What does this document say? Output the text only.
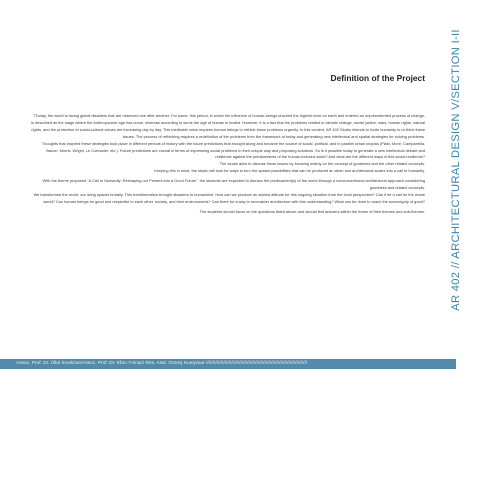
AR 402 // ARCHITECTURAL DESIGN V/SECTION I-II
Definition of the Project

TToday, the world is facing global disasters that are observed one after another. For some, this period, in which the influence of human-beings reached the highest level on earth and entered an unprecedented process of change, is described as the stage where the Anthropocene age has come, whereas according to some the age of human is invalid. However, it is a fact that the problems related to climate change, social justice, wars, human rights, natural rights, and the protection of social-cultural values are increasing day by day. This inevitable crisis requires human beings to rethink these problems urgently. In this context, AR 402 Studio intends to invite humanity to re-think these issues. The process of rethinking requires a redefinition of the problems from the framework of today and generating new intellectual and spatial strategies for solving problems.

Thoughts that inspired these strategies took place in different periods of history with the future predictions that brought along and became the source of social, political, and in parallel urban utopias (Plato, More, Campanella, Bacon, Morris, Wright, Le Corbusier, etc.). Future predictions are crucial in terms of expressing social problems in their unique way and proposing solutions. So is it possible today to generate a new intellectual debate and resilience against the predicaments of the human-induced world? And what are the different ways of this social resilience?

The studio aims to discuss these issues by focusing mainly on the concept of goodness and the other related concepts.

Keeping this in mind, the studio will look for ways to turn the spatial possibilities that can be produced at urban and architectural scales into a call to humanity.

With the theme proposed "A Call to Humanity: Reshaping our Present into a Good Future", the students are expected to discuss the predicament(s) of the world through a nonconventional architectural approach considering goodness and related concepts.

We transformed the world, our living spaces brutally. This transformation brought disasters to humankind. How can we produce an activist attitude for this ongoing situation from the local perspective? Can it be a call for the whole world? Can human beings be good and respectful to each other, society, and their environments? Can there be a way to reconsider architecture with this understanding? What can be done to reach the sovereignty of good?

The students should focus on the questions listed above and should find answers within the frame of their themes and sub-themes.

Assoc. Prof. Dr. Ülkü İnceköse/Assoc. Prof. Dr. Ebru Yılmaz/ Res. Asst. Güneş Kuerpinar ////////////////////////////////////////////////////////////////////////////
